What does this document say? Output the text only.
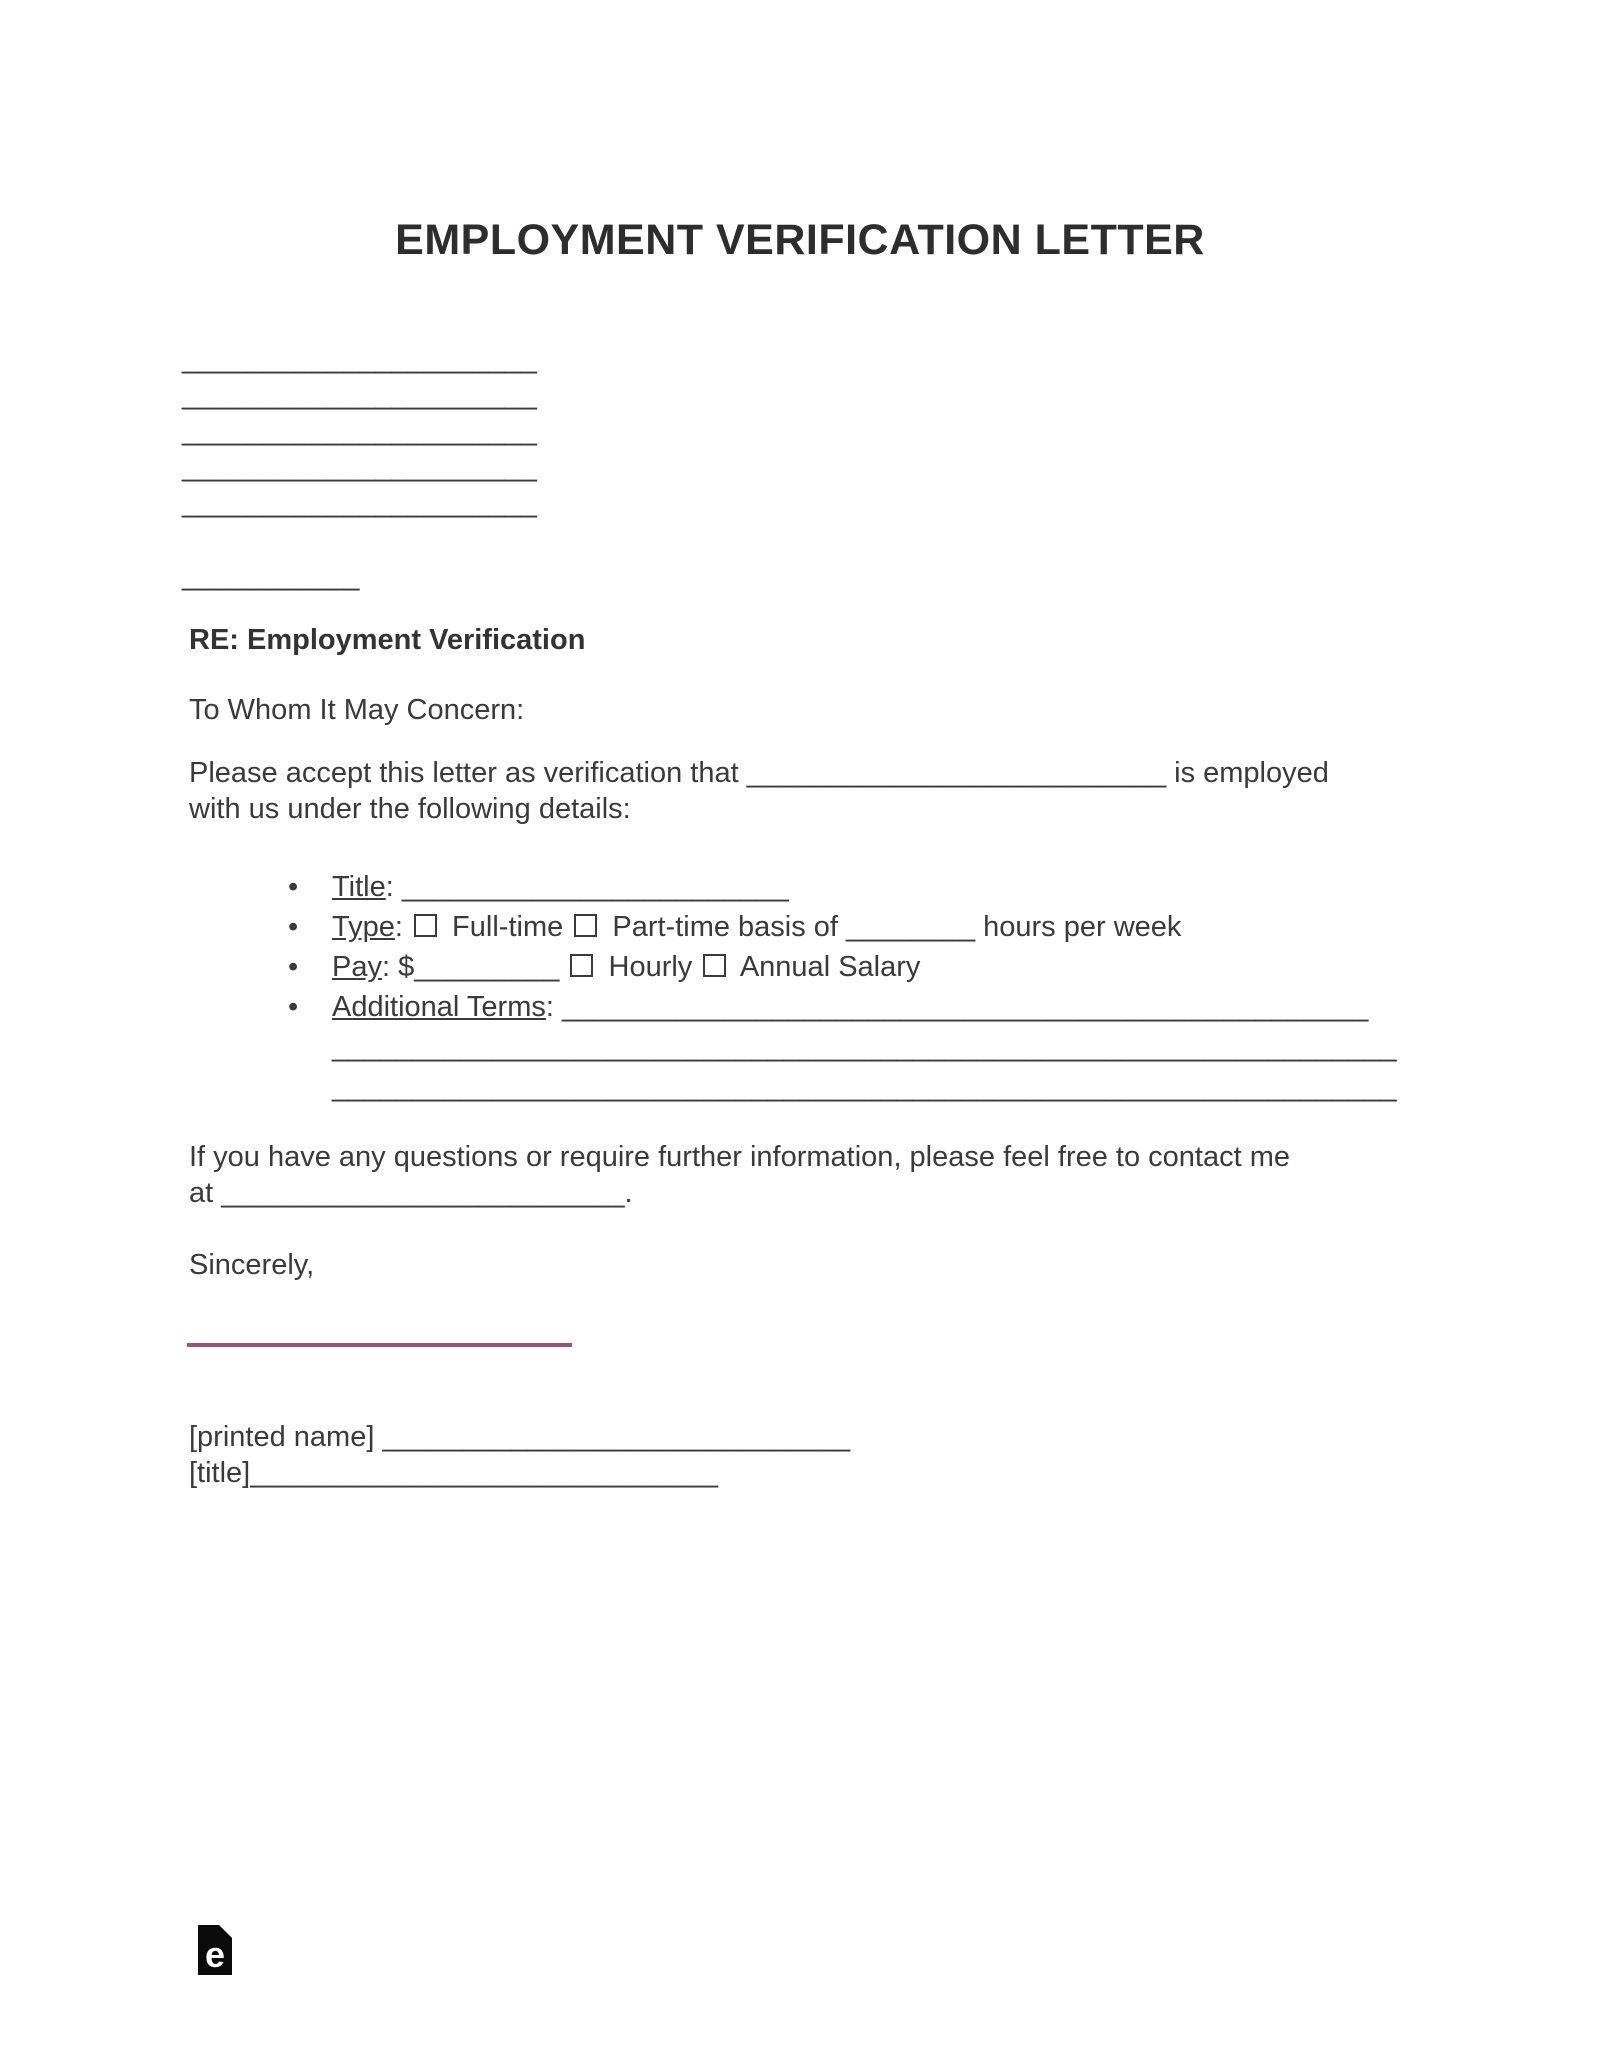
EMPLOYMENT VERIFICATION LETTER
______________________
______________________
______________________
______________________
______________________
___________
RE: Employment Verification
To Whom It May Concern:
Please accept this letter as verification that __________________________ is employed
with us under the following details:
• Title: ________________________
• Type:  Full-time  Part-time basis of ________ hours per week
• Pay: $_________  Hourly  Annual Salary
• Additional Terms: __________________________________________________
__________________________________________________________________
__________________________________________________________________
If you have any questions or require further information, please feel free to contact me
at _________________________.
Sincerely,
[printed name] _____________________________
[title]_____________________________
e
